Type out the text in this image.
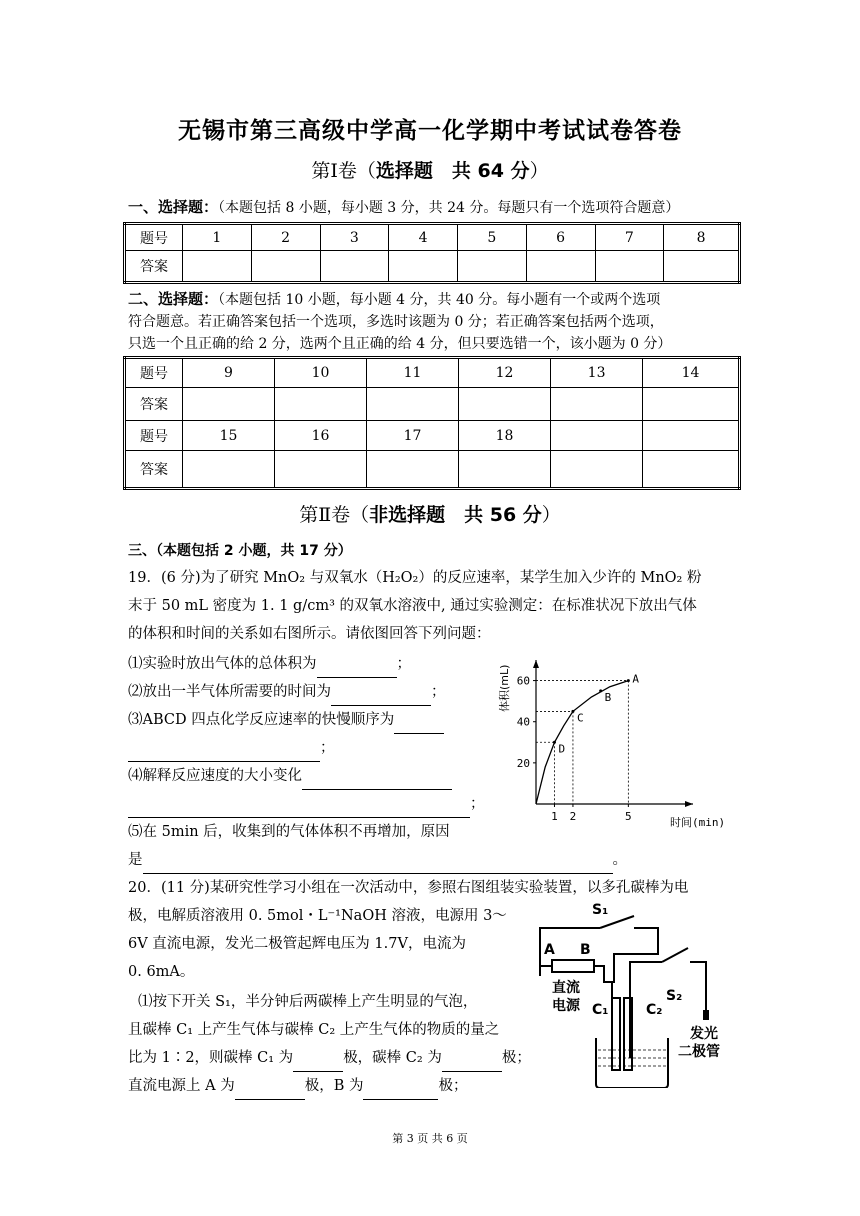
无锡市第三高级中学高一化学期中考试试卷答卷
第Ⅰ卷（选择题　共 64 分）
一、选择题：（本题包括 8 小题，每小题 3 分，共 24 分。每题只有一个选项符合题意）
题号	1	2	3	4	5	6	7	8
答案								
二、选择题：（本题包括 10 小题，每小题 4 分，共 40 分。每小题有一个或两个选项
符合题意。若正确答案包括一个选项，多选时该题为 0 分；若正确答案包括两个选项，
只选一个且正确的给 2 分，选两个且正确的给 4 分，但只要选错一个，该小题为 0 分）
题号	9	10	11	12	13	14
答案						
题号	15	16	17	18		
答案						
第Ⅱ卷（非选择题　共 56 分）
三、（本题包括 2 小题，共 17 分）
19．(6 分)为了研究 MnO₂ 与双氧水（H₂O₂）的反应速率，某学生加入少许的 MnO₂ 粉
末于 50 mL 密度为 1. 1 g/cm³ 的双氧水溶液中, 通过实验测定：在标准状况下放出气体
的体积和时间的关系如右图所示。请依图回答下列问题：
⑴实验时放出气体的总体积为	；
⑵放出一半气体所需要的时间为	；
⑶ABCD 四点化学反应速率的快慢顺序为
；
⑷解释反应速度的大小变化
；
⑸在 5min 后，收集到的气体体积不再增加，原因
是	。
20
40
60
1 2	5
D
C
B
A
体积(mL)
时间(min)
20．(11 分)某研究性学习小组在一次活动中，参照右图组装实验装置，以多孔碳棒为电
极，电解质溶液用 0. 5mol・L⁻¹NaOH 溶液，电源用 3～
6V 直流电源，发光二极管起辉电压为 1.7V，电流为
0. 6mA。
⑴按下开关 S₁，半分钟后两碳棒上产生明显的气泡，
且碳棒 C₁ 上产生气体与碳棒 C₂ 上产生气体的物质的量之
比为 1∶2，则碳棒 C₁ 为	极，碳棒 C₂ 为	极；
直流电源上 A 为	极，B 为	极；
S₁
A B
直流
电源 C₁	C₂
S₂
发光
二极管
第 3 页 共 6 页
